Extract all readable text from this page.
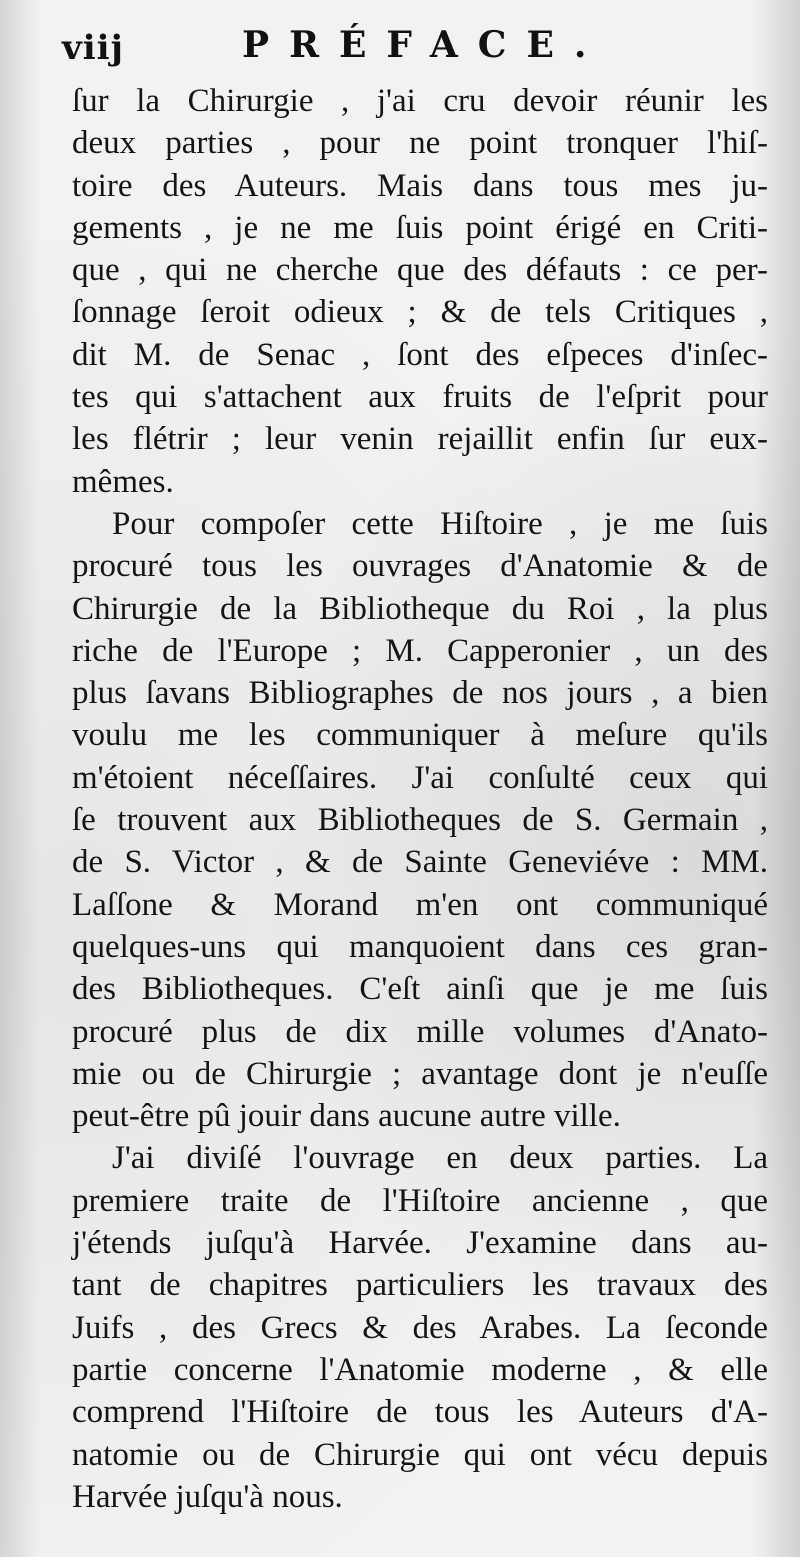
viij	PRÉFACE.
ſur la Chirurgie , j'ai cru devoir réunir les
deux parties , pour ne point tronquer l'hiſ-
toire des Auteurs. Mais dans tous mes ju-
gements , je ne me ſuis point érigé en Criti-
que , qui ne cherche que des défauts : ce per-
ſonnage ſeroit odieux ; & de tels Critiques ,
dit M. de Senac , ſont des eſpeces d'inſec-
tes qui s'attachent aux fruits de l'eſprit pour
les flétrir ; leur venin rejaillit enfin ſur eux-
mêmes.
Pour compoſer cette Hiſtoire , je me ſuis
procuré tous les ouvrages d'Anatomie & de
Chirurgie de la Bibliotheque du Roi , la plus
riche de l'Europe ; M. Capperonier , un des
plus ſavans Bibliographes de nos jours , a bien
voulu me les communiquer à meſure qu'ils
m'étoient néceſſaires. J'ai conſulté ceux qui
ſe trouvent aux Bibliotheques de S. Germain ,
de S. Victor , & de Sainte Geneviéve : MM.
Laſſone & Morand m'en ont communiqué
quelques-uns qui manquoient dans ces gran-
des Bibliotheques. C'eſt ainſi que je me ſuis
procuré plus de dix mille volumes d'Anato-
mie ou de Chirurgie ; avantage dont je n'euſſe
peut-être pû jouir dans aucune autre ville.
J'ai diviſé l'ouvrage en deux parties. La
premiere traite de l'Hiſtoire ancienne , que
j'étends juſqu'à Harvée. J'examine dans au-
tant de chapitres particuliers les travaux des
Juifs , des Grecs & des Arabes. La ſeconde
partie concerne l'Anatomie moderne , & elle
comprend l'Hiſtoire de tous les Auteurs d'A-
natomie ou de Chirurgie qui ont vécu depuis
Harvée juſqu'à nous.
